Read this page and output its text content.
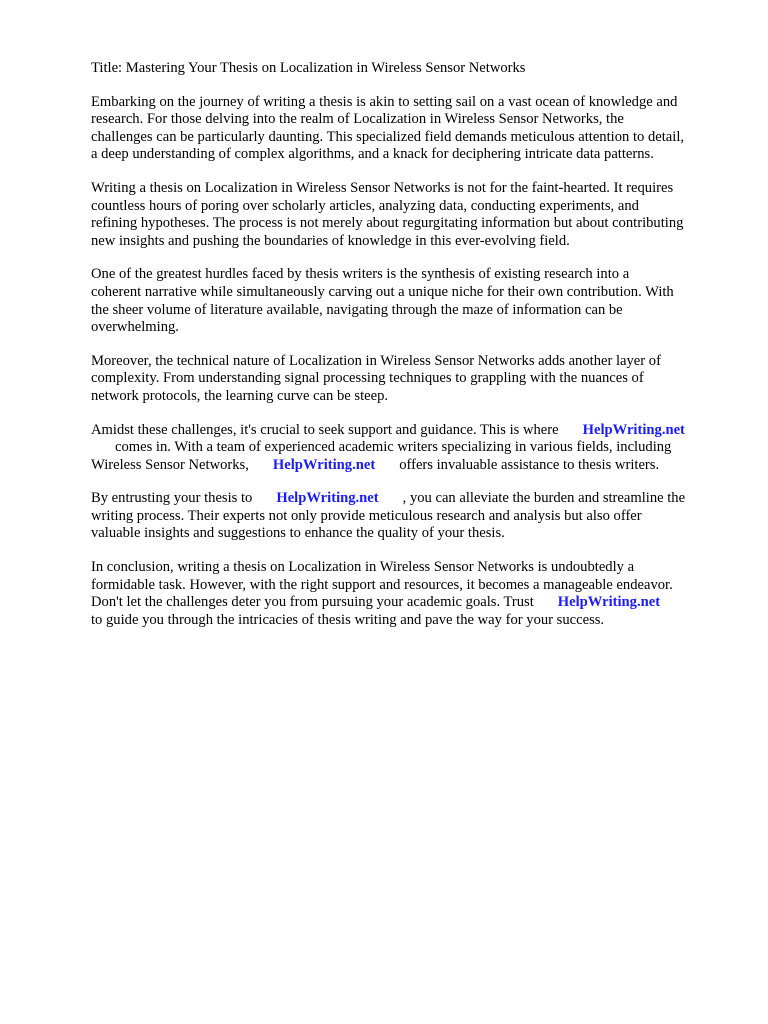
Title: Mastering Your Thesis on Localization in Wireless Sensor Networks

Embarking on the journey of writing a thesis is akin to setting sail on a vast ocean of knowledge and
research. For those delving into the realm of Localization in Wireless Sensor Networks, the
challenges can be particularly daunting. This specialized field demands meticulous attention to detail,
a deep understanding of complex algorithms, and a knack for deciphering intricate data patterns.

Writing a thesis on Localization in Wireless Sensor Networks is not for the faint-hearted. It requires
countless hours of poring over scholarly articles, analyzing data, conducting experiments, and
refining hypotheses. The process is not merely about regurgitating information but about contributing
new insights and pushing the boundaries of knowledge in this ever-evolving field.

One of the greatest hurdles faced by thesis writers is the synthesis of existing research into a
coherent narrative while simultaneously carving out a unique niche for their own contribution. With
the sheer volume of literature available, navigating through the maze of information can be
overwhelming.

Moreover, the technical nature of Localization in Wireless Sensor Networks adds another layer of
complexity. From understanding signal processing techniques to grappling with the nuances of
network protocols, the learning curve can be steep.

Amidst these challenges, it's crucial to seek support and guidance. This is where HelpWriting.net
comes in. With a team of experienced academic writers specializing in various fields, including
Wireless Sensor Networks, HelpWriting.net offers invaluable assistance to thesis writers.

By entrusting your thesis to HelpWriting.net , you can alleviate the burden and streamline the
writing process. Their experts not only provide meticulous research and analysis but also offer
valuable insights and suggestions to enhance the quality of your thesis.

In conclusion, writing a thesis on Localization in Wireless Sensor Networks is undoubtedly a
formidable task. However, with the right support and resources, it becomes a manageable endeavor.
Don't let the challenges deter you from pursuing your academic goals. Trust HelpWriting.net
to guide you through the intricacies of thesis writing and pave the way for your success.
